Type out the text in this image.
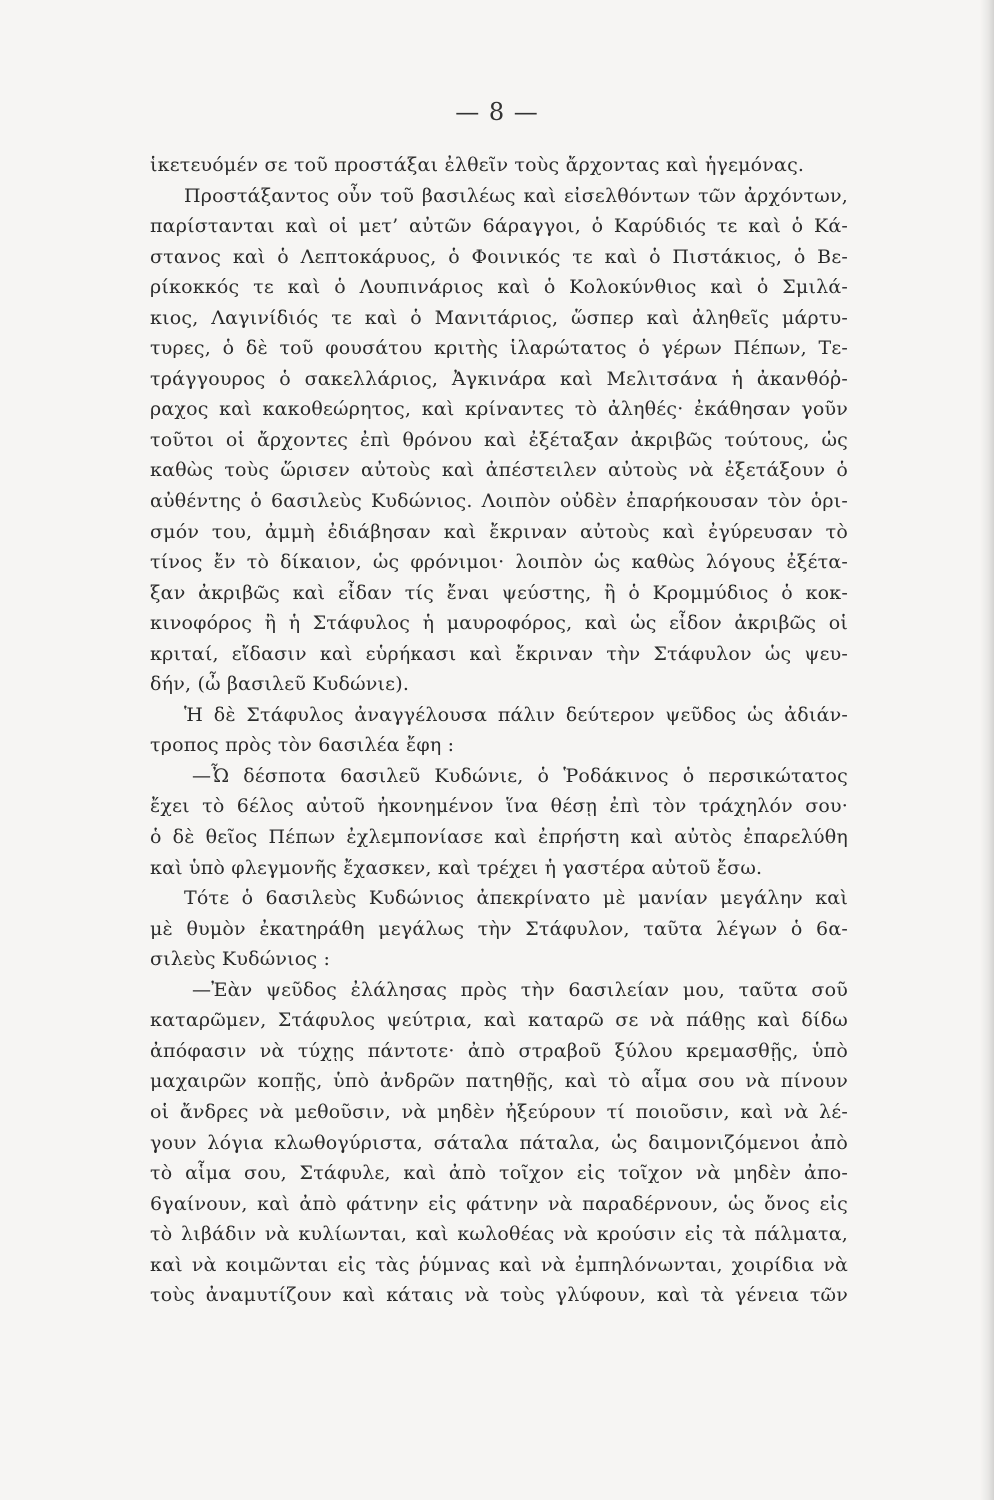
— 8 —
ἱκετευόμέν σε τοῦ προστάξαι ἐλθεῖν τοὺς ἄρχοντας καὶ ἡγεμόνας.
Προστάξαντος οὖν τοῦ βασιλέως καὶ εἰσελθόντων τῶν ἀρχόντων,
παρίστανται καὶ οἱ μετ’ αὐτῶν 6άραγγοι, ὁ Καρύδιός τε καὶ ὁ Κά-
στανος καὶ ὁ Λεπτοκάρυος, ὁ Φοινικός τε καὶ ὁ Πιστάκιος, ὁ Βε-
ρίκοκκός τε καὶ ὁ Λουπινάριος καὶ ὁ Κολοκύνθιος καὶ ὁ Σμιλά-
κιος, Λαγινίδιός τε καὶ ὁ Μανιτάριος, ὥσπερ καὶ ἀληθεῖς μάρτυ-
τυρες, ὁ δὲ τοῦ φουσάτου κριτὴς ἱλαρώτατος ὁ γέρων Πέπων, Τε-
τράγγουρος ὁ σακελλάριος, Ἀγκινάρα καὶ Μελιτσάνα ἡ ἀκανθόῤ-
ραχος καὶ κακοθεώρητος, καὶ κρίναντες τὸ ἀληθές· ἐκάθησαν γοῦν
τοῦτοι οἱ ἄρχοντες ἐπὶ θρόνου καὶ ἐξέταξαν ἀκριβῶς τούτους, ὡς
καθὼς τοὺς ὥρισεν αὐτοὺς καὶ ἀπέστειλεν αὐτοὺς νὰ ἐξετάξουν ὁ
αὐθέντης ὁ 6ασιλεὺς Κυδώνιος. Λοιπὸν οὐδὲν ἐπαρήκουσαν τὸν ὁρι-
σμόν του, ἀμμὴ ἐδιάβησαν καὶ ἔκριναν αὐτοὺς καὶ ἐγύρευσαν τὸ
τίνος ἔν τὸ δίκαιον, ὡς φρόνιμοι· λοιπὸν ὡς καθὼς λόγους ἐξέτα-
ξαν ἀκριβῶς καὶ εἶδαν τίς ἔναι ψεύστης, ἢ ὁ Κρομμύδιος ὁ κοκ-
κινοφόρος ἢ ἡ Στάφυλος ἡ μαυροφόρος, καὶ ὡς εἶδον ἀκριβῶς οἱ
κριταί, εἴδασιν καὶ εὑρήκασι καὶ ἔκριναν τὴν Στάφυλον ὡς ψευ-
δήν, (ὦ βασιλεῦ Κυδώνιε).
Ἡ δὲ Στάφυλος ἀναγγέλουσα πάλιν δεύτερον ψεῦδος ὡς ἀδιάν-
τροπος πρὸς τὸν 6ασιλέα ἔφη :
—Ὦ δέσποτα 6ασιλεῦ Κυδώνιε, ὁ Ῥοδάκινος ὁ περσικώτατος
ἔχει τὸ 6έλος αὐτοῦ ἠκονημένον ἵνα θέσῃ ἐπὶ τὸν τράχηλόν σου·
ὁ δὲ θεῖος Πέπων ἐχλεμπονίασε καὶ ἐπρήστη καὶ αὐτὸς ἐπαρελύθη
καὶ ὑπὸ φλεγμονῆς ἔχασκεν, καὶ τρέχει ἡ γαστέρα αὐτοῦ ἔσω.
Τότε ὁ 6ασιλεὺς Κυδώνιος ἀπεκρίνατο μὲ μανίαν μεγάλην καὶ
μὲ θυμὸν ἐκατηράθη μεγάλως τὴν Στάφυλον, ταῦτα λέγων ὁ 6α-
σιλεὺς Κυδώνιος :
—Ἐὰν ψεῦδος ἐλάλησας πρὸς τὴν 6ασιλείαν μου, ταῦτα σοῦ
καταρῶμεν, Στάφυλος ψεύτρια, καὶ καταρῶ σε νὰ πάθῃς καὶ δίδω
ἀπόφασιν νὰ τύχῃς πάντοτε· ἀπὸ στραβοῦ ξύλου κρεμασθῇς, ὑπὸ
μαχαιρῶν κοπῇς, ὑπὸ ἀνδρῶν πατηθῇς, καὶ τὸ αἷμα σου νὰ πίνουν
οἱ ἄνδρες νὰ μεθοῦσιν, νὰ μηδὲν ἠξεύρουν τί ποιοῦσιν, καὶ νὰ λέ-
γουν λόγια κλωθογύριστα, σάταλα πάταλα, ὡς δαιμονιζόμενοι ἀπὸ
τὸ αἷμα σου, Στάφυλε, καὶ ἀπὸ τοῖχον εἰς τοῖχον νὰ μηδὲν ἀπο-
6γαίνουν, καὶ ἀπὸ φάτνην εἰς φάτνην νὰ παραδέρνουν, ὡς ὄνος εἰς
τὸ λιβάδιν νὰ κυλίωνται, καὶ κωλοθέας νὰ κρούσιν εἰς τὰ πάλματα,
καὶ νὰ κοιμῶνται εἰς τὰς ῥύμνας καὶ νὰ ἐμπηλόνωνται, χοιρίδια νὰ
τοὺς ἀναμυτίζουν καὶ κάταις νὰ τοὺς γλύφουν, καὶ τὰ γένεια τῶν
